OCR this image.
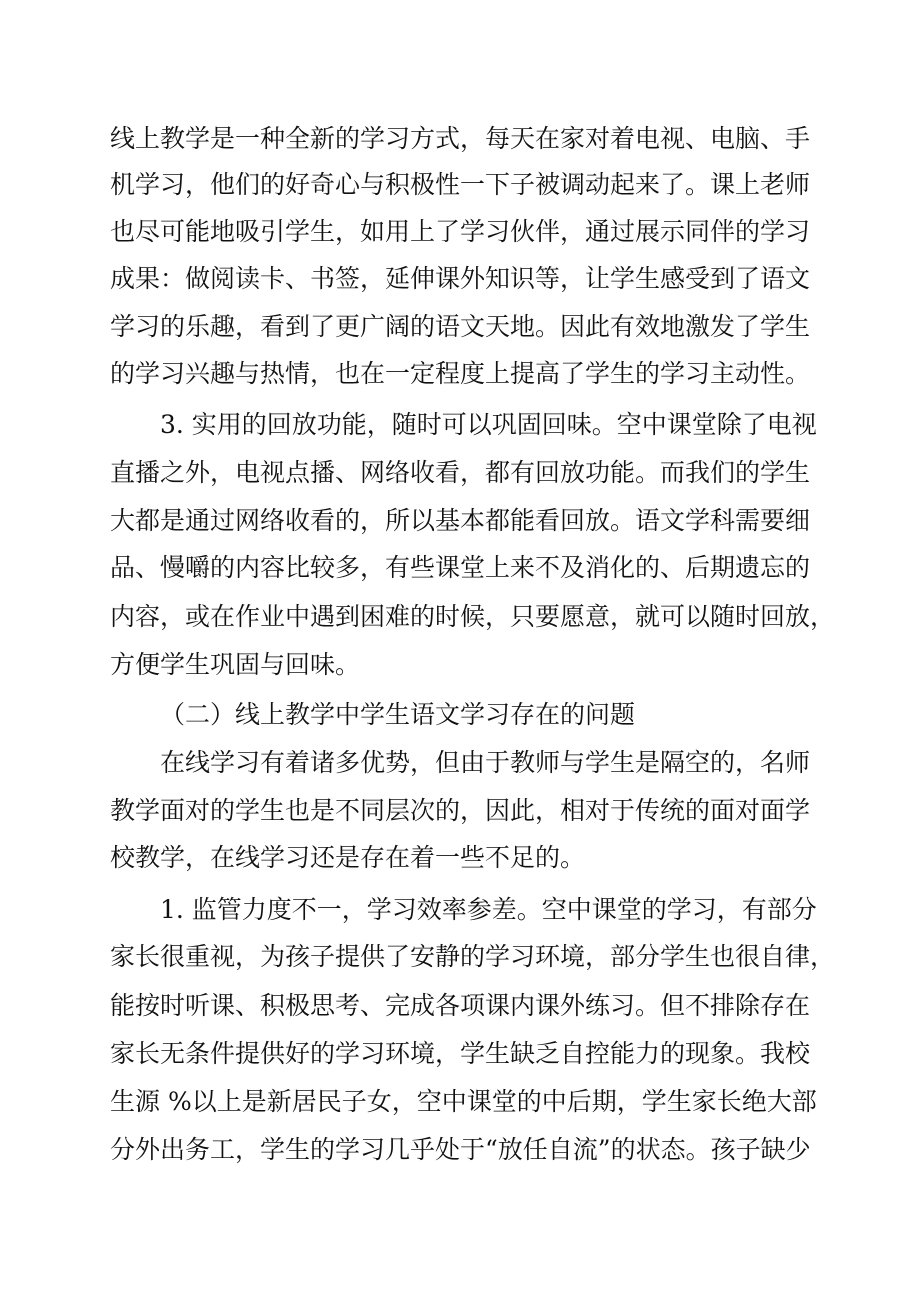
线上教学是一种全新的学习方式，每天在家对着电视、电脑、手
机学习，他们的好奇心与积极性一下子被调动起来了。课上老师
也尽可能地吸引学生，如用上了学习伙伴，通过展示同伴的学习
成果：做阅读卡、书签，延伸课外知识等，让学生感受到了语文
学习的乐趣，看到了更广阔的语文天地。因此有效地激发了学生
的学习兴趣与热情，也在一定程度上提高了学生的学习主动性。
3. 实用的回放功能，随时可以巩固回味。空中课堂除了电视
直播之外，电视点播、网络收看，都有回放功能。而我们的学生
大都是通过网络收看的，所以基本都能看回放。语文学科需要细
品、慢嚼的内容比较多，有些课堂上来不及消化的、后期遗忘的
内容，或在作业中遇到困难的时候，只要愿意，就可以随时回放，
方便学生巩固与回味。
（二）线上教学中学生语文学习存在的问题
在线学习有着诸多优势，但由于教师与学生是隔空的，名师
教学面对的学生也是不同层次的，因此，相对于传统的面对面学
校教学，在线学习还是存在着一些不足的。
1. 监管力度不一，学习效率参差。空中课堂的学习，有部分
家长很重视，为孩子提供了安静的学习环境，部分学生也很自律，
能按时听课、积极思考、完成各项课内课外练习。但不排除存在
家长无条件提供好的学习环境，学生缺乏自控能力的现象。我校
生源 %以上是新居民子女，空中课堂的中后期，学生家长绝大部
分外出务工，学生的学习几乎处于“放任自流”的状态。孩子缺少
